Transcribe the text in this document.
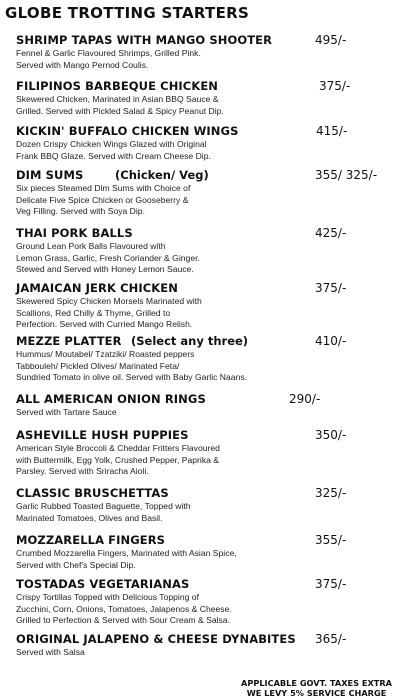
GLOBE TROTTING STARTERS
SHRIMP TAPAS WITH MANGO SHOOTER	495/-
Fennel & Garlic Flavoured Shrimps, Grilled Pink.
Served with Mango Pernod Coulis.
FILIPINOS BARBEQUE CHICKEN	375/-
Skewered Chicken, Marinated in Asian BBQ Sauce &
Grilled. Served with Pickled Salad & Spicy Peanut Dip.
KICKIN' BUFFALO CHICKEN WINGS	415/-
Dozen Crispy Chicken Wings Glazed with Original
Frank BBQ Glaze. Served with Cream Cheese Dip.
DIM SUMS	(Chicken/ Veg)	355/ 325/-
Six pieces Steamed Dim Sums with Choice of
Delicate Five Spice Chicken or Gooseberry &
Veg Filling. Served with Soya Dip.
THAI PORK BALLS	425/-
Ground Lean Pork Balls Flavoured with
Lemon Grass, Garlic, Fresh Coriander & Ginger.
Stewed and Served with Honey Lemon Sauce.
JAMAICAN JERK CHICKEN	375/-
Skewered Spicy Chicken Morsels Marinated with
Scallions, Red Chilly & Thyme, Grilled to
Perfection. Served with Curried Mango Relish.
MEZZE PLATTER (Select any three)	410/-
Hummus/ Moutabel/ Tzatziki/ Roasted peppers
Tabbouleh/ Pickled Olives/ Marinated Feta/
Sundried Tomato in olive oil. Served with Baby Garlic Naans.
ALL AMERICAN ONION RINGS	290/-
Served with Tartare Sauce
ASHEVILLE HUSH PUPPIES	350/-
American Style Broccoli & Cheddar Fritters Flavoured
with Buttermilk, Egg Yolk, Crushed Pepper, Paprika &
Parsley. Served with Sriracha Aioli.
CLASSIC BRUSCHETTAS	325/-
Garlic Rubbed Toasted Baguette, Topped with
Marinated Tomatoes, Olives and Basil.
MOZZARELLA FINGERS	355/-
Crumbed Mozzarella Fingers, Marinated with Asian Spice,
Served with Chef's Special Dip.
TOSTADAS VEGETARIANAS	375/-
Crispy Tortillas Topped with Delicious Topping of
Zucchini, Corn, Onions, Tomatoes, Jalapenos & Cheese.
Grilled to Perfection & Served with Sour Cream & Salsa.
ORIGINAL JALAPENO & CHEESE DYNABITES	365/-
Served with Salsa
APPLICABLE GOVT. TAXES EXTRA
WE LEVY 5% SERVICE CHARGE
